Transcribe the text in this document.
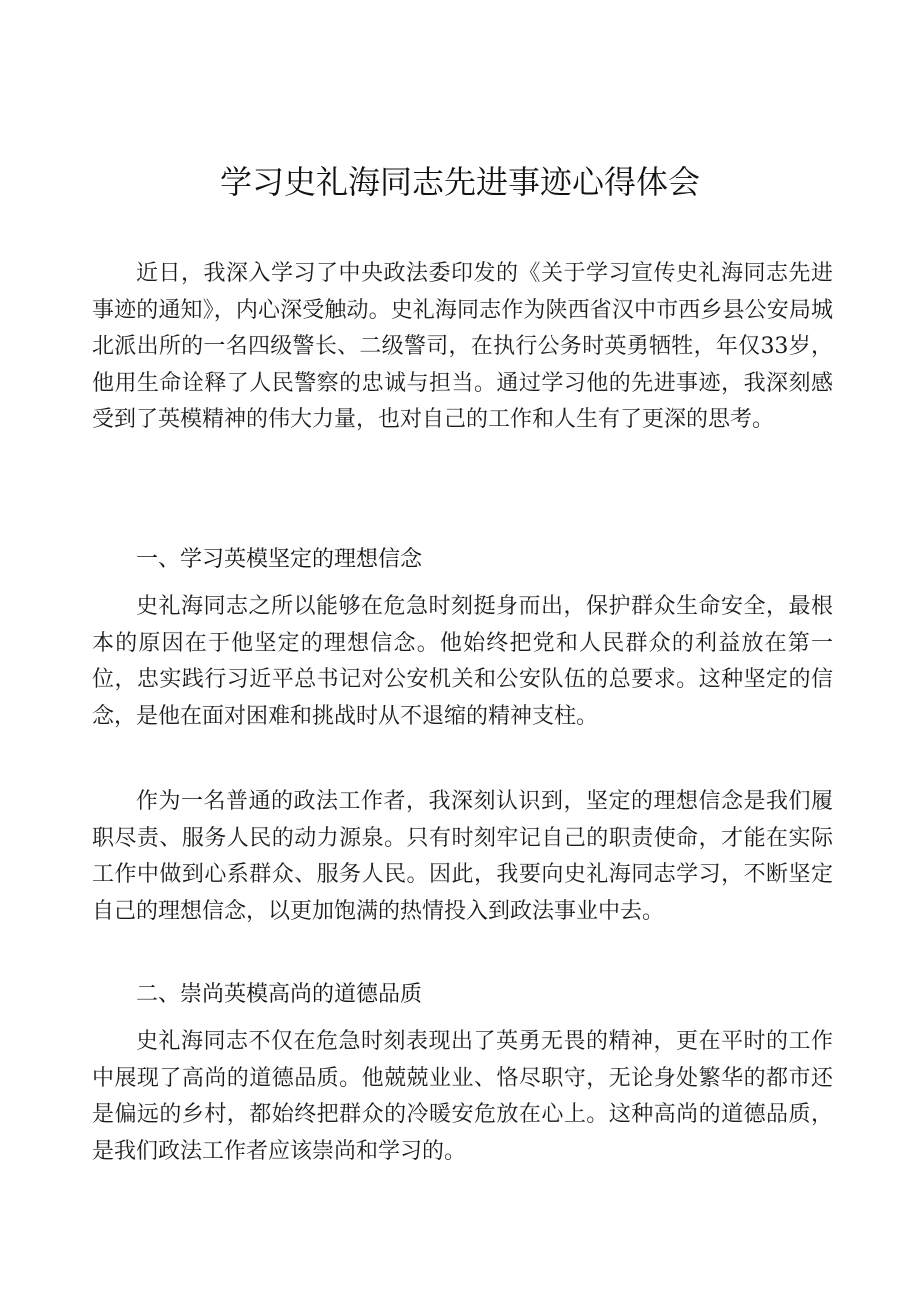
学习史礼海同志先进事迹心得体会

近日，我深入学习了中央政法委印发的《关于学习宣传史礼海同志先进事迹的通知》，内心深受触动。史礼海同志作为陕西省汉中市西乡县公安局城北派出所的一名四级警长、二级警司，在执行公务时英勇牺牲，年仅33岁，他用生命诠释了人民警察的忠诚与担当。通过学习他的先进事迹，我深刻感受到了英模精神的伟大力量，也对自己的工作和人生有了更深的思考。

一、学习英模坚定的理想信念

史礼海同志之所以能够在危急时刻挺身而出，保护群众生命安全，最根本的原因在于他坚定的理想信念。他始终把党和人民群众的利益放在第一位，忠实践行习近平总书记对公安机关和公安队伍的总要求。这种坚定的信念，是他在面对困难和挑战时从不退缩的精神支柱。

作为一名普通的政法工作者，我深刻认识到，坚定的理想信念是我们履职尽责、服务人民的动力源泉。只有时刻牢记自己的职责使命，才能在实际工作中做到心系群众、服务人民。因此，我要向史礼海同志学习，不断坚定自己的理想信念，以更加饱满的热情投入到政法事业中去。

二、崇尚英模高尚的道德品质

史礼海同志不仅在危急时刻表现出了英勇无畏的精神，更在平时的工作中展现了高尚的道德品质。他兢兢业业、恪尽职守，无论身处繁华的都市还是偏远的乡村，都始终把群众的冷暖安危放在心上。这种高尚的道德品质，是我们政法工作者应该崇尚和学习的。
